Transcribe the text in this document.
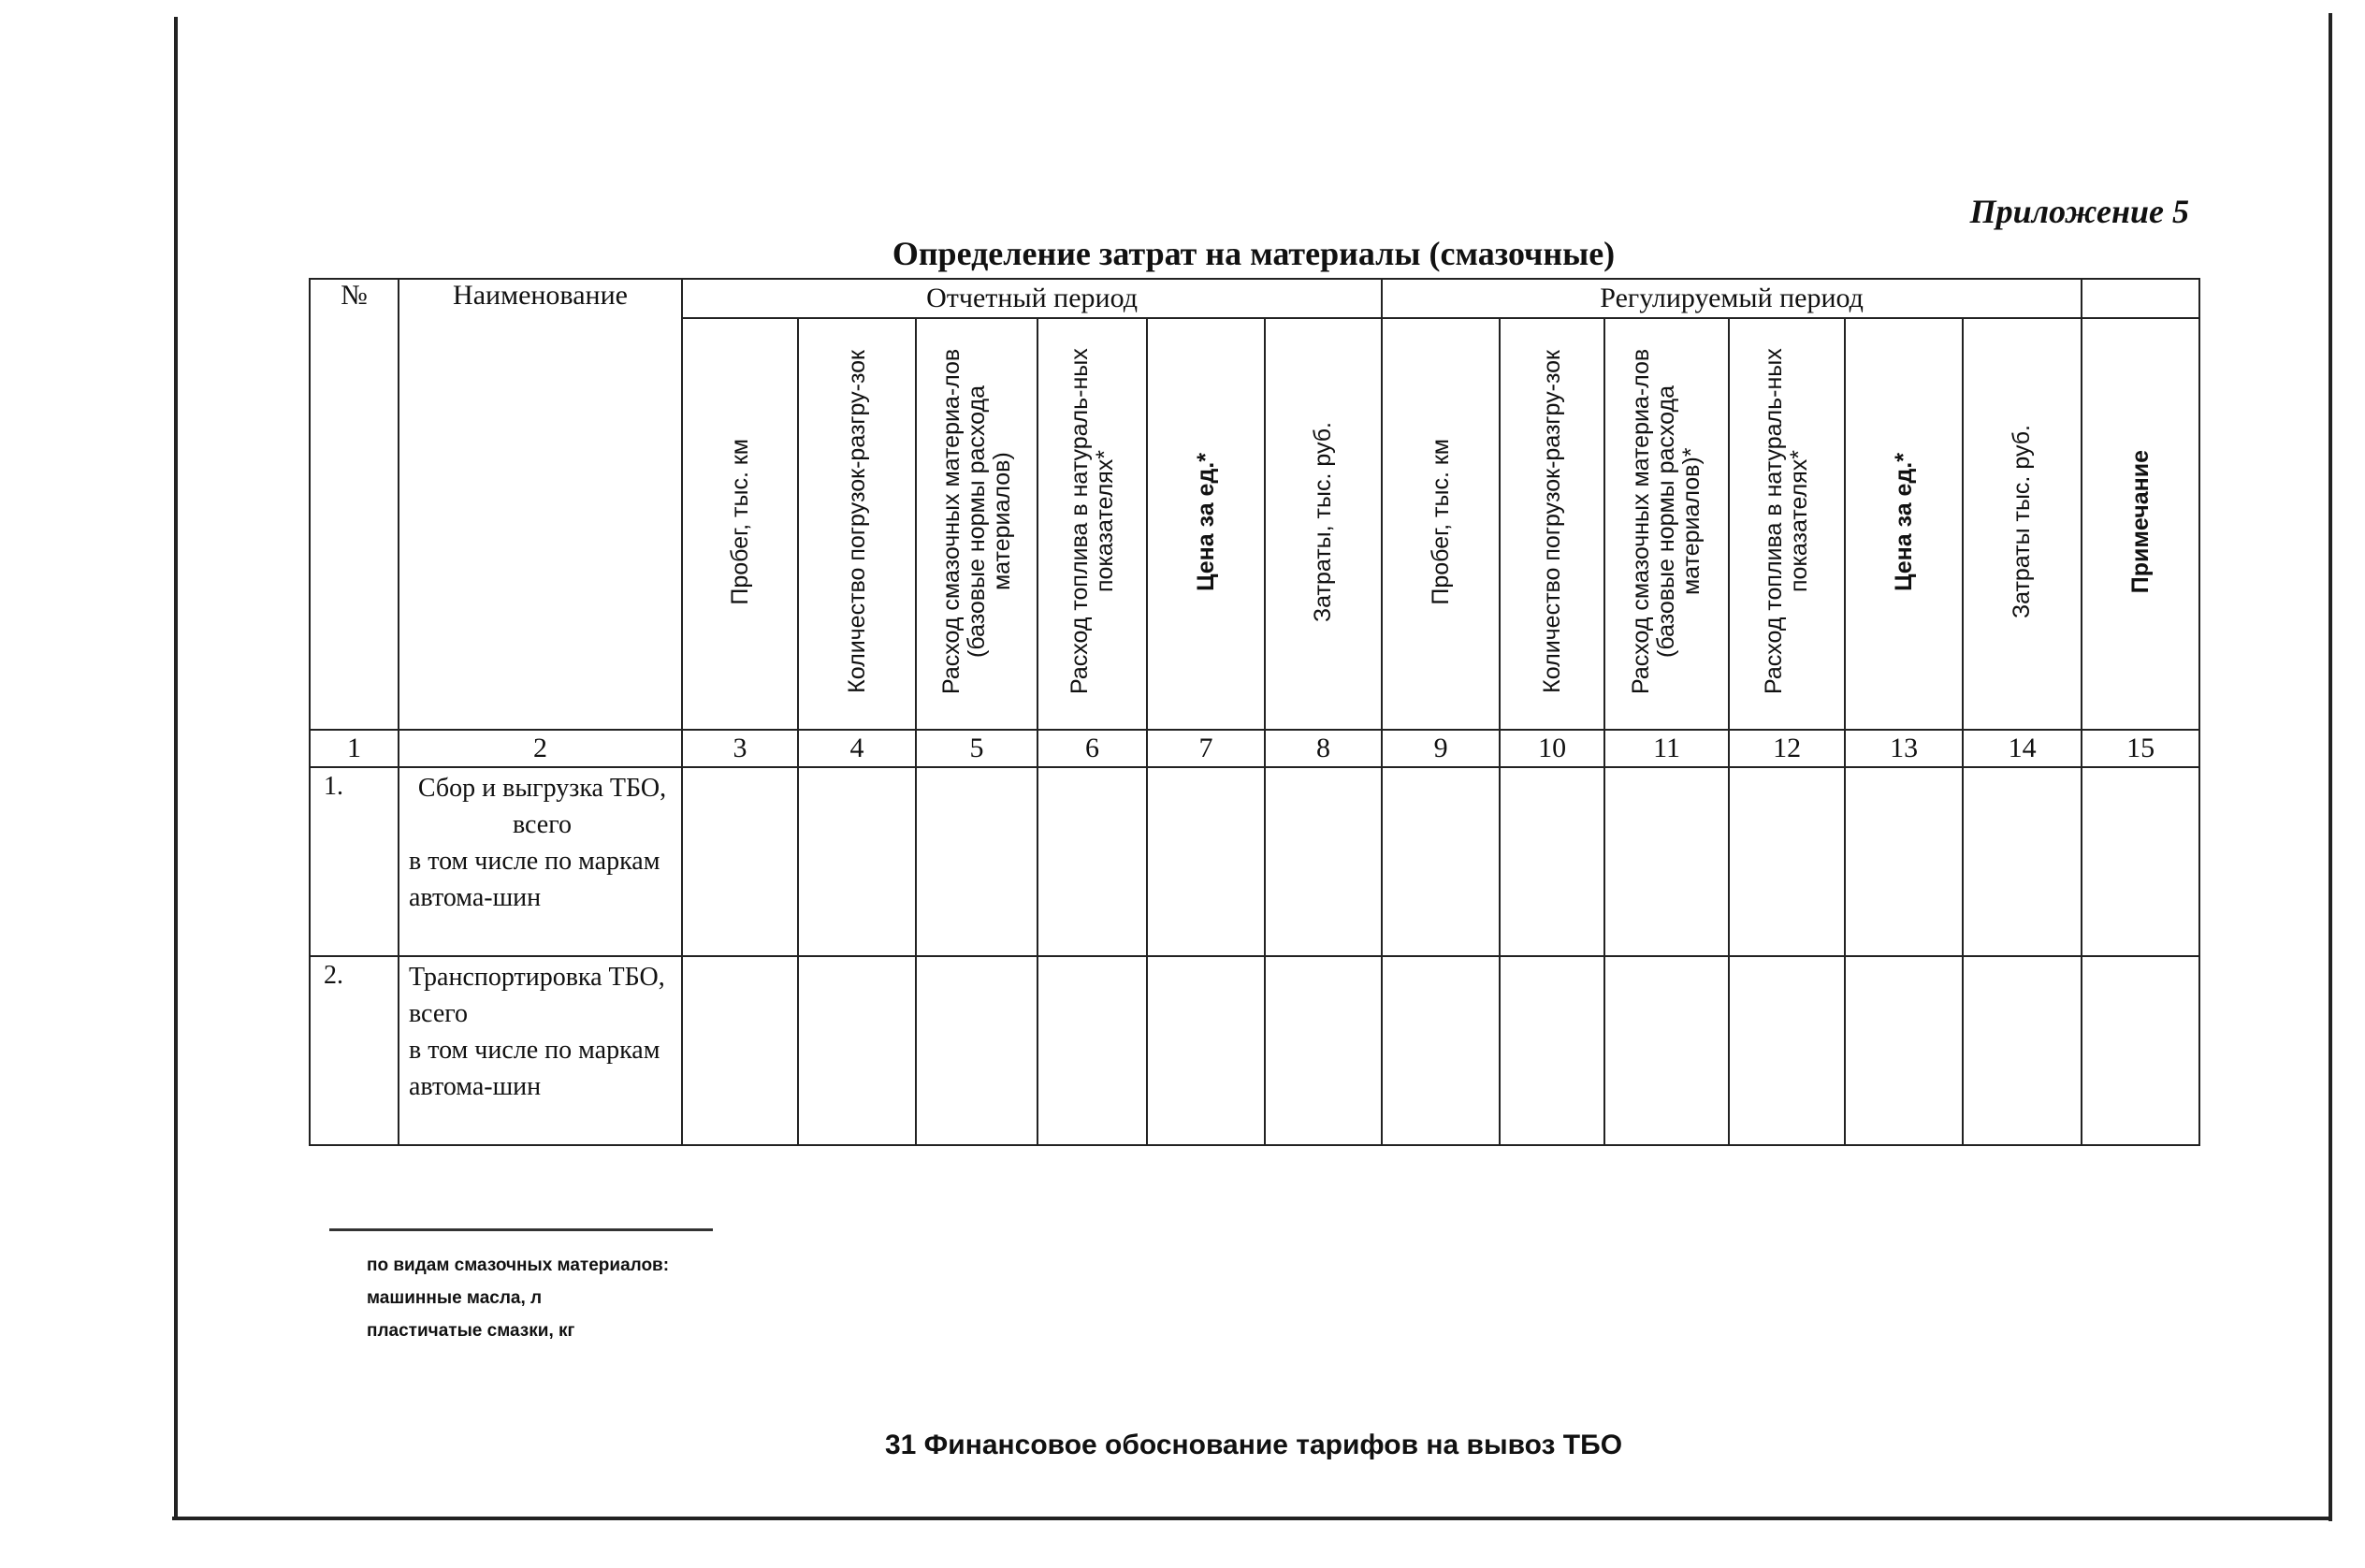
Приложение 5
Определение затрат на материалы (смазочные)
№	Наименование	Отчетный период						Регулируемый период						
		Пробег, тыс. км	Количество погрузок-разгру-зок	Расход смазочных материа-лов (базовые нормы расхода материалов)	Расход топлива в натураль-ных показателях*	Цена за ед.*	Затраты, тыс. руб.	Пробег, тыс. км	Количество погрузок-разгру-зок	Расход смазочных материа-лов (базовые нормы расхода материалов)*	Расход топлива в натураль-ных показателях*	Цена за ед.*	Затраты тыс. руб.	Примечание
1	2	3	4	5	6	7	8	9	10	11	12	13	14	15
1.	Сбор и выгрузка ТБО, всего
в том числе по маркам автома-шин													
2.	Транспортировка ТБО, всего
в том числе по маркам автома-шин													
по видам смазочных материалов:
машинные масла, л
пластичатые смазки, кг
31 Финансовое обоснование тарифов на вывоз ТБО
